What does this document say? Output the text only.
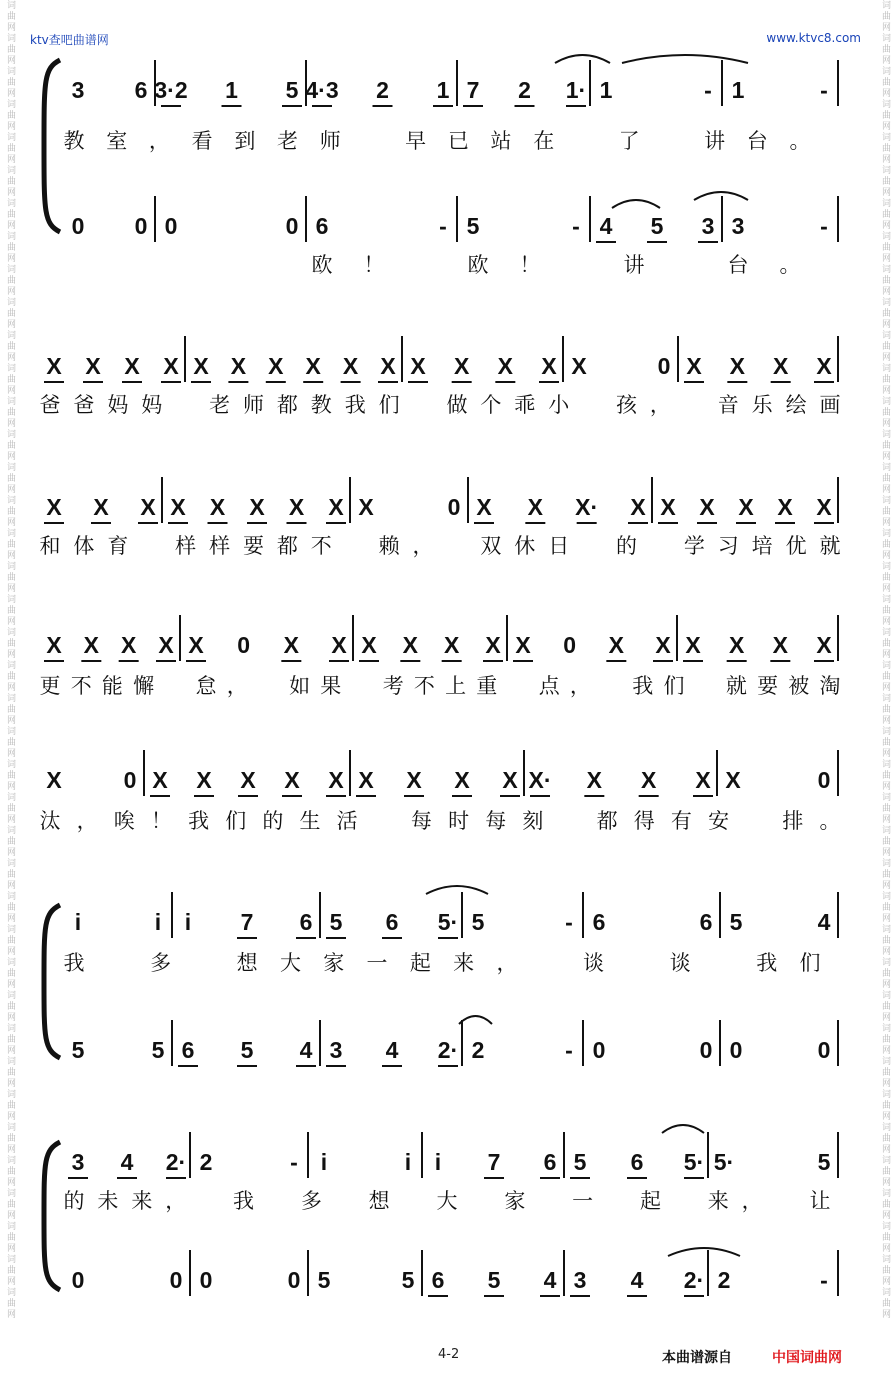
词曲网词曲网词曲网词曲网词曲网词曲网词曲网词曲网词曲网词曲网词曲网词曲网词曲网词曲网词曲网词曲网词曲网词曲网词曲网词曲网词曲网词曲网词曲网词曲网词曲网词曲网词曲网词曲网词曲网词曲网词曲网词曲网词曲网词曲网词曲网词曲网词曲网词曲网词曲网词曲网	词曲网词曲网词曲网词曲网词曲网词曲网词曲网词曲网词曲网词曲网词曲网词曲网词曲网词曲网词曲网词曲网词曲网词曲网词曲网词曲网词曲网词曲网词曲网词曲网词曲网词曲网词曲网词曲网词曲网词曲网词曲网词曲网词曲网词曲网词曲网词曲网词曲网词曲网词曲网词曲网
ktv查吧曲谱网	www.ktvc8.com
3 6 3·2 1 5 4·3 2 1 7 2 1· 1	- 1	-
教 室 ， 看 到 老 师	早 已 站 在	了	讲 台 。
0 0 0	0 6	- 5	- 4 5 3 3	-
欧 ！	欧 ！	讲	台 。
X X X X X X X X X X X X X X X	0 X X X X
爸 爸 妈 妈 老 师 都 教 我 们 做 个 乖 小 孩 ， 音 乐 绘 画
X X X X X X X X X	0 X X X· X X X X X X
和 体 育 样 样 要 都 不 赖 ， 双 休 日 的 学 习 培 优 就
X X X X X 0 X X X X X X X 0 X X X X X X
更 不 能 懈 怠 ， 如 果 考 不 上 重 点 ， 我 们 就 要 被 淘
X	0 X X X X X X X X X X· X X X X	0
汰 ， 唉 ！ 我 们 的 生 活	每 时 每 刻	都 得 有 安	排 。
i	i i 7 6 5 6 5· 5	- 6	6 5	4
我	多	想 大 家 一 起 来 ，	谈	谈	我 们
5	5 6 5 4 3 4 2· 2	- 0	0 0	0
3 4 2· 2	- i	i i 7 6 5 6 5· 5·	5
的 未 来 ， 我 多 想 大 家 一 起 来 ， 让
0	0 0	0 5	5 6 5 4 3 4 2· 2	-
4-2	本曲谱源自	中国词曲网
